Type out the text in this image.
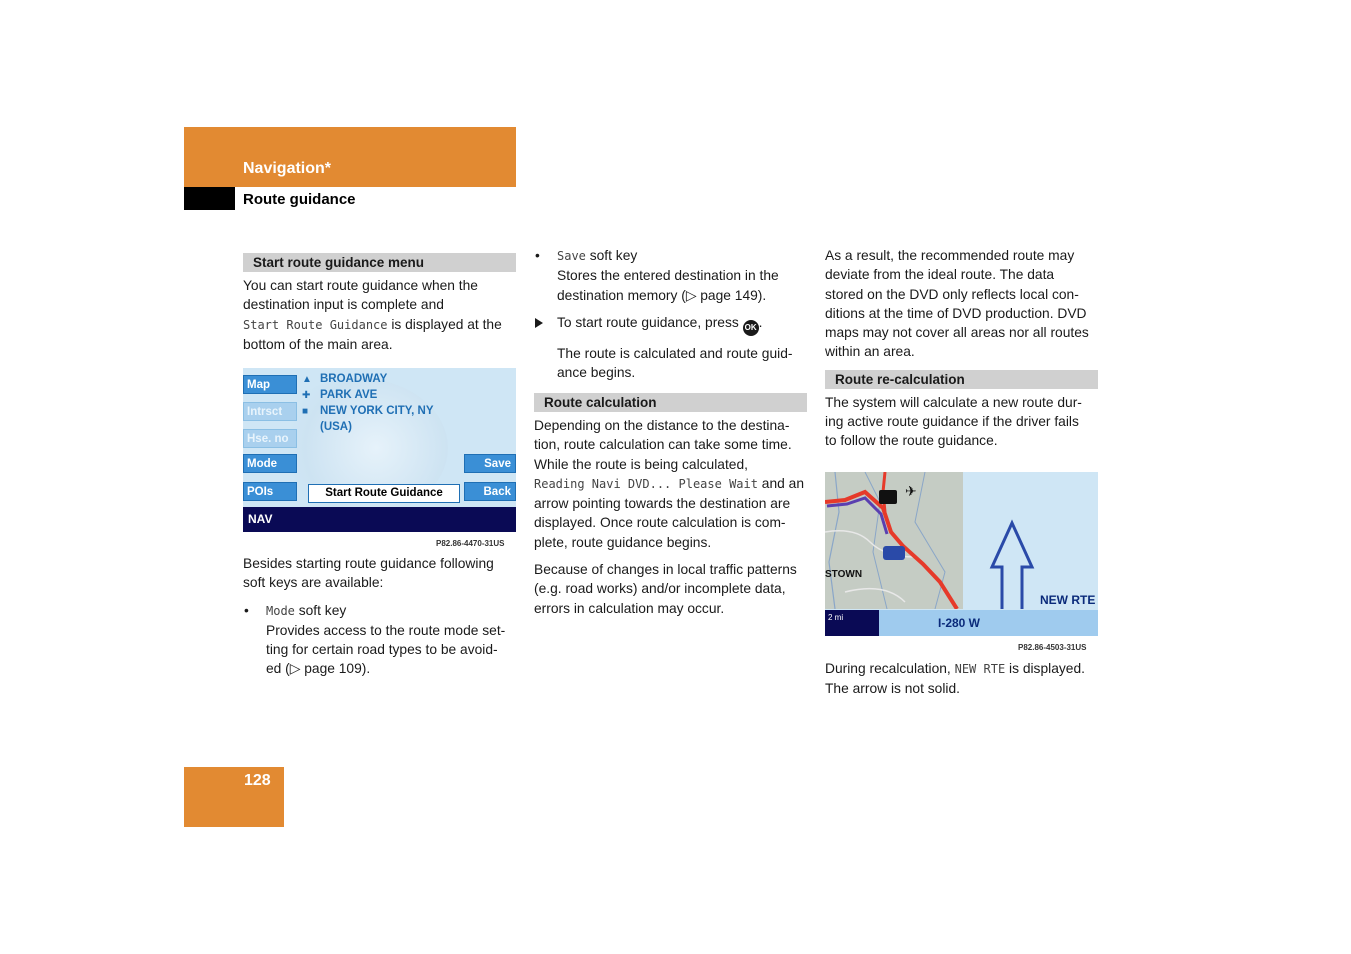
Navigation*
Route guidance
Start route guidance menu

You can start route guidance when the
destination input is complete and
Start Route Guidance is displayed at the
bottom of the main area.

Map
Intrsct
Hse. no
Mode
POIs
Save
Back
▲ BROADWAY
✚ PARK AVE
■ NEW YORK CITY, NY
(USA)
Start Route Guidance
NAV
P82.86-4470-31US

Besides starting route guidance following
soft keys are available:

• Mode soft key
Provides access to the route mode set-
ting for certain road types to be avoid-
ed (▷ page 109).
• Save soft key
Stores the entered destination in the
destination memory (▷ page 149).
To start route guidance, press OK .

The route is calculated and route guid-
ance begins.

Route calculation

Depending on the distance to the destina-
tion, route calculation can take some time.
While the route is being calculated,
Reading Navi DVD... Please Wait and an
arrow pointing towards the destination are
displayed. Once route calculation is com-
plete, route guidance begins.

Because of changes in local traffic patterns
(e.g. road works) and/or incomplete data,
errors in calculation may occur.

As a result, the recommended route may
deviate from the ideal route. The data
stored on the DVD only reflects local con-
ditions at the time of DVD production. DVD
maps may not cover all areas nor all routes
within an area.

Route re-calculation

The system will calculate a new route dur-
ing active route guidance if the driver fails
to follow the route guidance.

✈
STOWN
NEW RTE
2 mi	I-280 W
P82.86-4503-31US

During recalculation, NEW RTE is displayed.
The arrow is not solid.

128
